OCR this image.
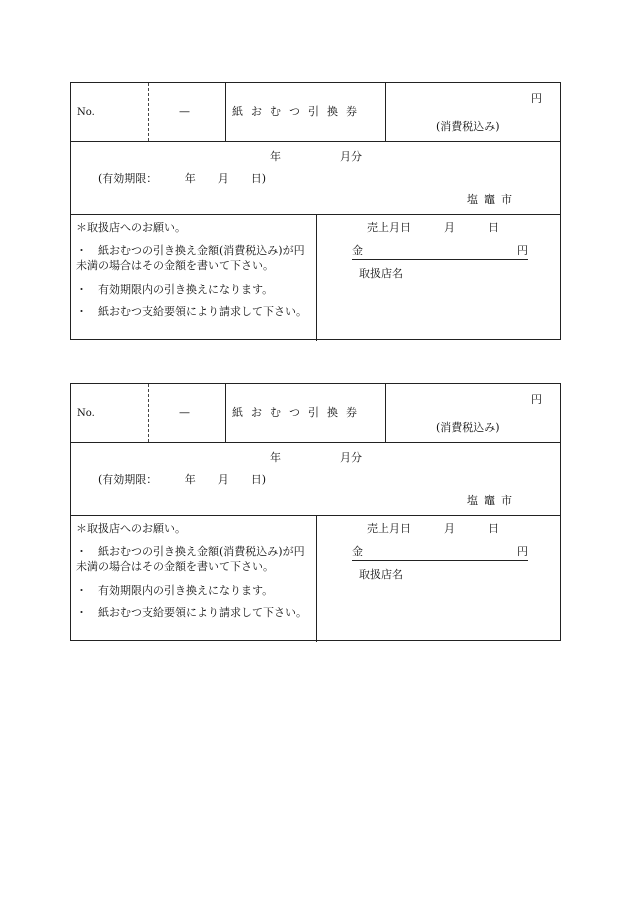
No.	—	紙おむつ引換券
円
(消費税込み)
年	月分
(有効期限：　　　年　　月　　日)
塩竈市
＊取扱店へのお願い。
・　紙おむつの引き換え金額(消費税込み)が円未満の場合はその金額を書いて下さい。
・　有効期限内の引き換えになります。
・　紙おむつ支給要領により請求して下さい。
売上月日　　　月　　　日
金	円
取扱店名
No.	—	紙おむつ引換券
円
(消費税込み)
年	月分
(有効期限：　　　年　　月　　日)
塩竈市
＊取扱店へのお願い。
・　紙おむつの引き換え金額(消費税込み)が円未満の場合はその金額を書いて下さい。
・　有効期限内の引き換えになります。
・　紙おむつ支給要領により請求して下さい。
売上月日　　　月　　　日
金	円
取扱店名
